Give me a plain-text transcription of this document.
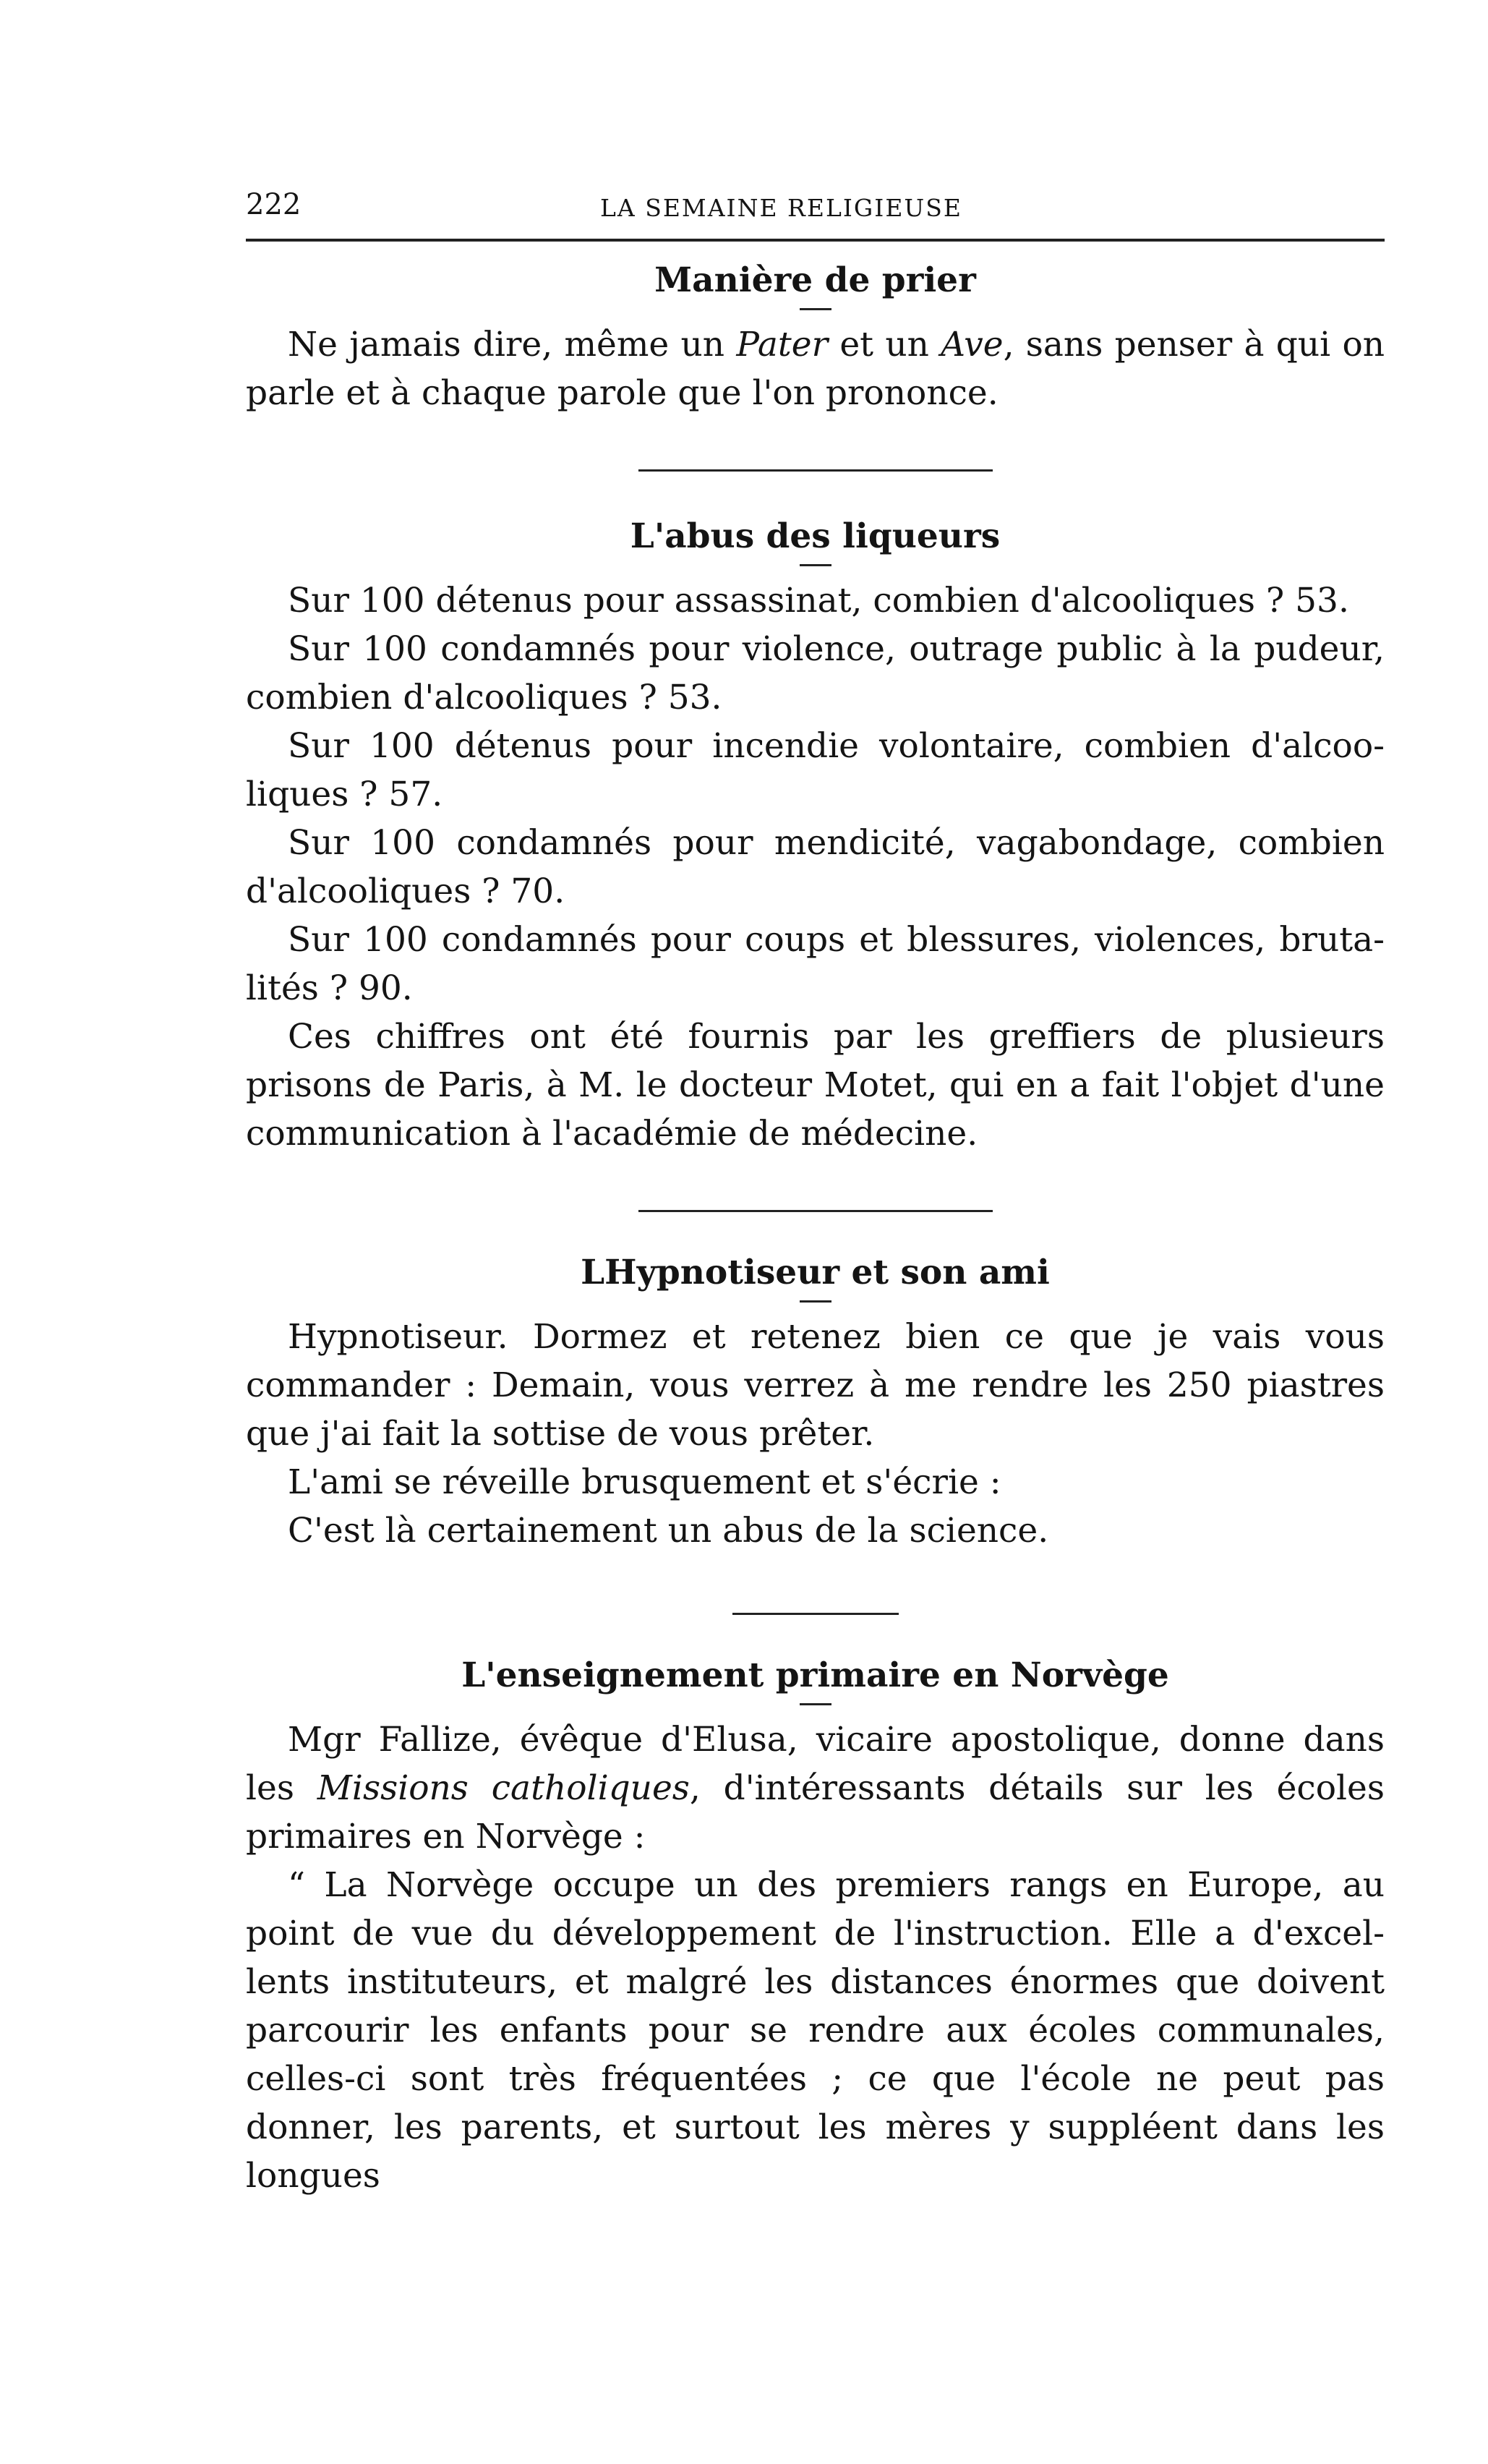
222	LA SEMAINE RELIGIEUSE
Manière de prier

Ne jamais dire, même un Pater et un Ave, sans penser à qui on parle et à chaque parole que l'on prononce.

L'abus des liqueurs

Sur 100 détenus pour assassinat, combien d'alcooliques ? 53.

Sur 100 condamnés pour violence, outrage public à la pudeur, combien d'alcooliques ? 53.

Sur 100 détenus pour incendie volontaire, combien d'alcoo-liques ? 57.

Sur 100 condamnés pour mendicité, vagabondage, combien d'alcooliques ? 70.

Sur 100 condamnés pour coups et blessures, violences, bruta-lités ? 90.

Ces chiffres ont été fournis par les greffiers de plusieurs prisons de Paris, à M. le docteur Motet, qui en a fait l'objet d'une communication à l'académie de médecine.

LHypnotiseur et son ami

Hypnotiseur. Dormez et retenez bien ce que je vais vous commander : Demain, vous verrez à me rendre les 250 piastres que j'ai fait la sottise de vous prêter.

L'ami se réveille brusquement et s'écrie :

C'est là certainement un abus de la science.

L'enseignement primaire en Norvège

Mgr Fallize, évêque d'Elusa, vicaire apostolique, donne dans les Missions catholiques, d'intéressants détails sur les écoles primaires en Norvège :

“ La Norvège occupe un des premiers rangs en Europe, au point de vue du développement de l'instruction. Elle a d'excel-lents instituteurs, et malgré les distances énormes que doivent parcourir les enfants pour se rendre aux écoles communales, celles-ci sont très fréquentées ; ce que l'école ne peut pas donner, les parents, et surtout les mères y suppléent dans les longues
